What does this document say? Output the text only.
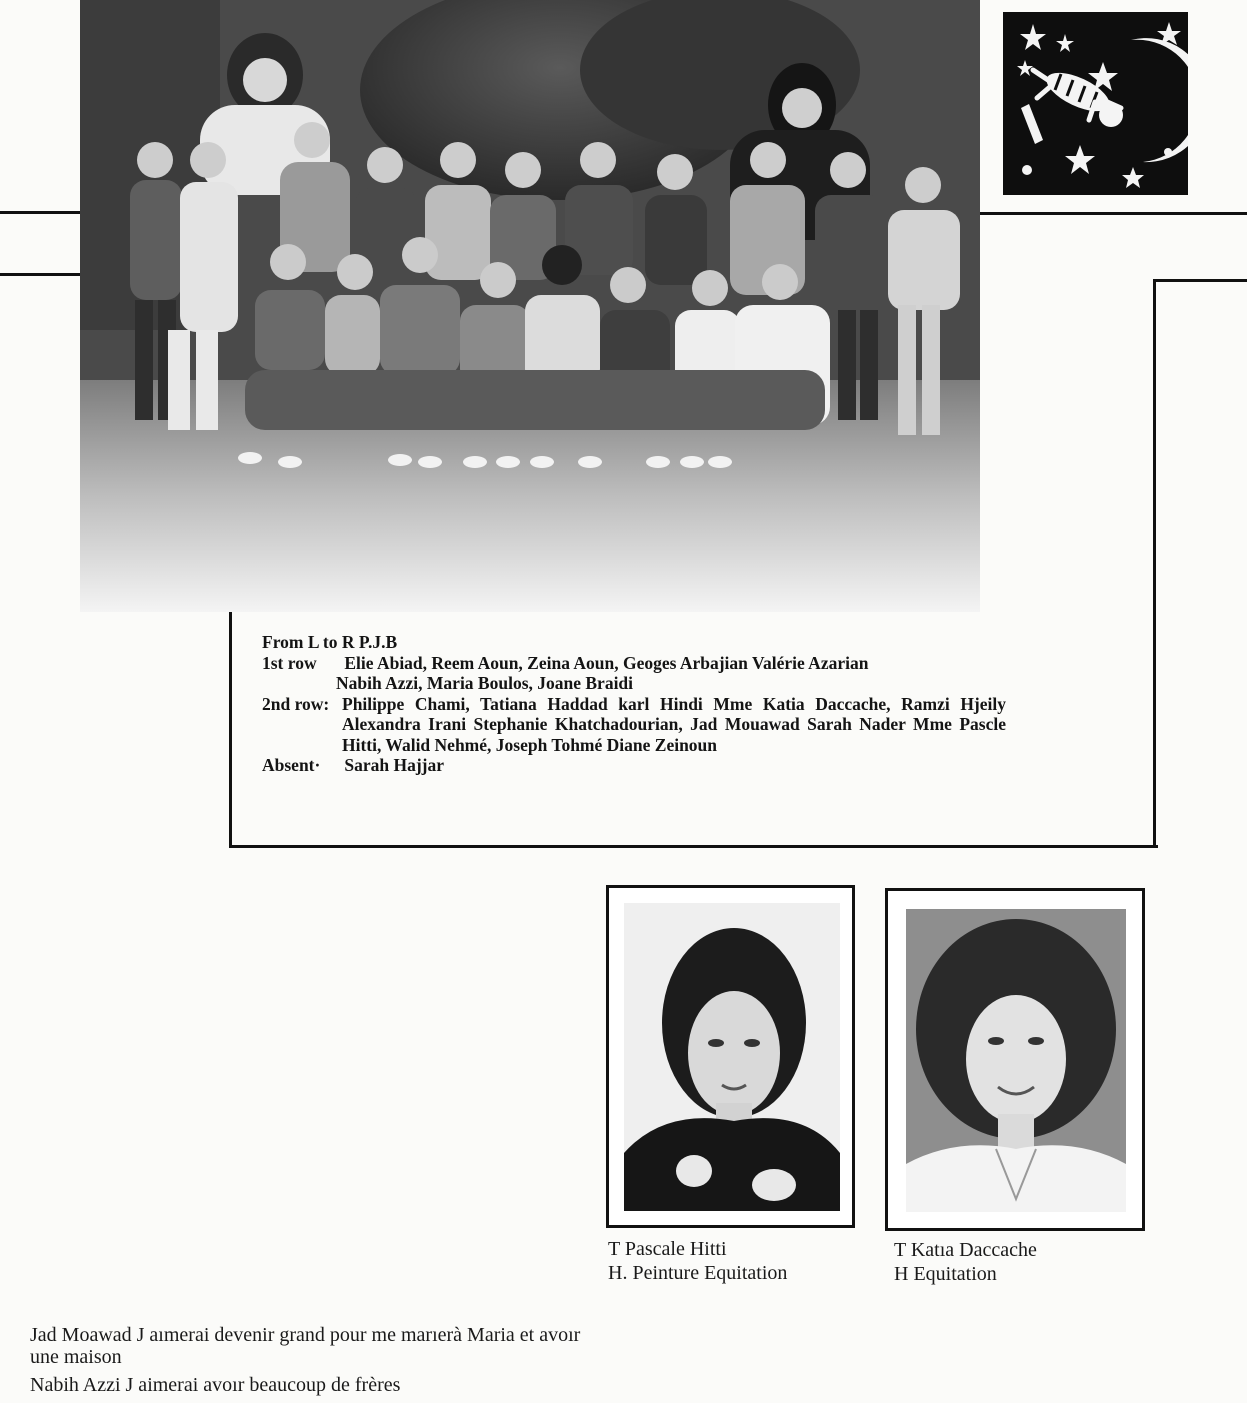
From L to R P.J.B
1st row Elie Abiad, Reem Aoun, Zeina Aoun, Geoges Arbajian Valérie Azarian
Nabih Azzi, Maria Boulos, Joane Braidi
2nd row: Philippe Chami, Tatiana Haddad karl Hindi Mme Katia Daccache, Ramzi Hjeily Alexandra Irani Stephanie Khatchadourian, Jad Mouawad Sarah Nader Mme Pascle Hitti, Walid Nehmé, Joseph Tohmé Diane Zeinoun
Absent· Sarah Hajjar
T Pascale Hitti
H. Peinture Equitation
T Katıa Daccache
H Equitation
Jad Moawad J aımerai devenir grand pour me marıerà Maria et avoır
une maison
Nabih Azzi J aimerai avoır beaucoup de frères
